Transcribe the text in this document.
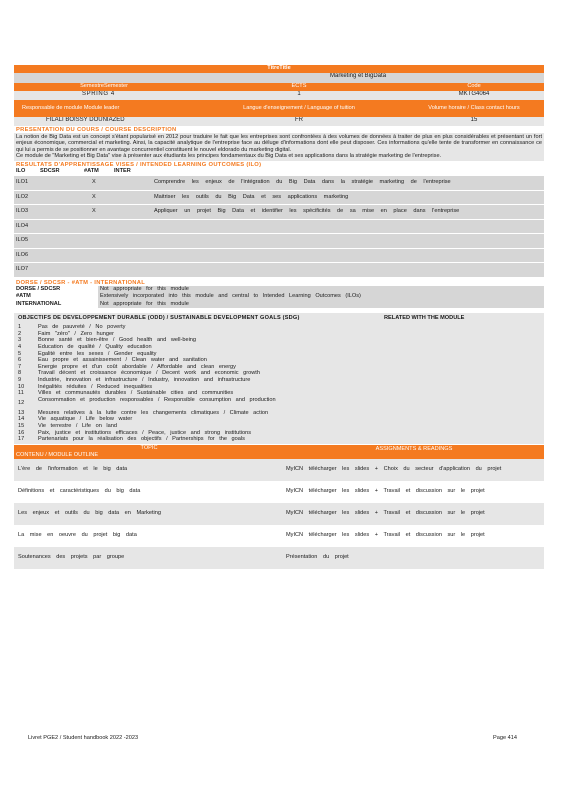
TitreTitle
Marketing et BigData
SemestreSemester	ECTS	Code
SPRING 4	1	MKTG4064
Responsable de module Module leader	Langue d'enseignement / Language of tuition	Volume horaire / Class contact hours
FILALI BOISSY DOUNIAZED	FR	15
PRESENTATION DU COURS / COURSE DESCRIPTION
La notion de Big Data est un concept s'étant popularisé en 2012 pour traduire le fait que les entreprises sont confrontées à des volumes de données à traiter de plus en plus considérables et présentant un fort enjeux économique, commercial et marketing. Ainsi, la capacité analytique de l'entreprise face au déluge d'informations dont elle peut disposer. Ces informations qu'elle tente de transformer en connaissance ce qui lui a permis de se positionner en avantage concurrentiel constituent le nouvel eldorado du marketing digital.
Ce module de "Marketing et Big Data" vise à présenter aux étudiants les principes fondamentaux du Big Data et ses applications dans la stratégie marketing de l'entreprise.
RESULTATS D'APPRENTISSAGE VISES / INTENDED LEARNING OUTCOMES (ILO)
ILO	SDCSR	#ATM	INTER
ILO1	X	Comprendre les enjeux de l'intégration du Big Data dans la stratégie marketing de l'entreprise
ILO2	X	Maitriser les outils du Big Data et ses applications marketing
ILO3	X	Appliquer un projet Big Data et identifier les spécificités de sa mise en place dans l'entreprise
ILO4
ILO5
ILO6
ILO7
DORSE / SDCSR - #ATM - INTERNATIONAL
DORSE / SDCSR	Not appropriate for this module
#ATM	Extensively incorporated into this module and central to Intended Learning Outcomes (ILOs)
INTERNATIONAL	Not appropriate for this module
OBJECTIFS DE DEVELOPPEMENT DURABLE (ODD) / SUSTAINABLE DEVELOPMENT GOALS (SDG)	RELATED WITH THE MODULE
1	Pas de pauvreté / No poverty
2	Faim "zéro" / Zero hunger
3	Bonne santé et bien-être / Good health and well-being
4	Education de qualité / Quality education
5	Egalité entre les sexes / Gender equality
6	Eau propre et assainissement / Clean water and sanitation
7	Energie propre et d'un coût abordable / Affordable and clean energy
8	Travail décent et croissance économique / Decent work and economic growth
9	Industrie, innovation et infrastructure / Industry, innovation and infrastructure
10	Inégalités réduites / Reduced inequalities
11	Villes et communautés durables / Sustainable cities and communities
12	Consommation et production responsables / Responsible consumption and production
13	Mesures relatives à la lutte contre les changements climatiques / Climate action
14	Vie aquatique / Life below water
15	Vie terrestre / Life on land
16	Paix, justice et institutions efficaces / Peace, justice and strong institutions
17	Partenariats pour la réalisation des objectifs / Partnerships for the goals
TOPIC
CONTENU / MODULE OUTLINE
ASSIGNMENTS & READINGS
L'ère de l'information et le big data	MyICN télécharger les slides + Choix du secteur d'application du projet
Définitions et caractéristiques du big data	MyICN télécharger les slides + Travail et discussion sur le projet
Les enjeux et outils du big data en Marketing	MyICN télécharger les slides + Travail et discussion sur le projet
La mise en oeuvre du projet big data	MyICN télécharger les slides + Travail et discussion sur le projet
Soutenances des projets par groupe	Présentation du projet
Livret PGE2 / Student handbook 2022 -2023	Page 414
